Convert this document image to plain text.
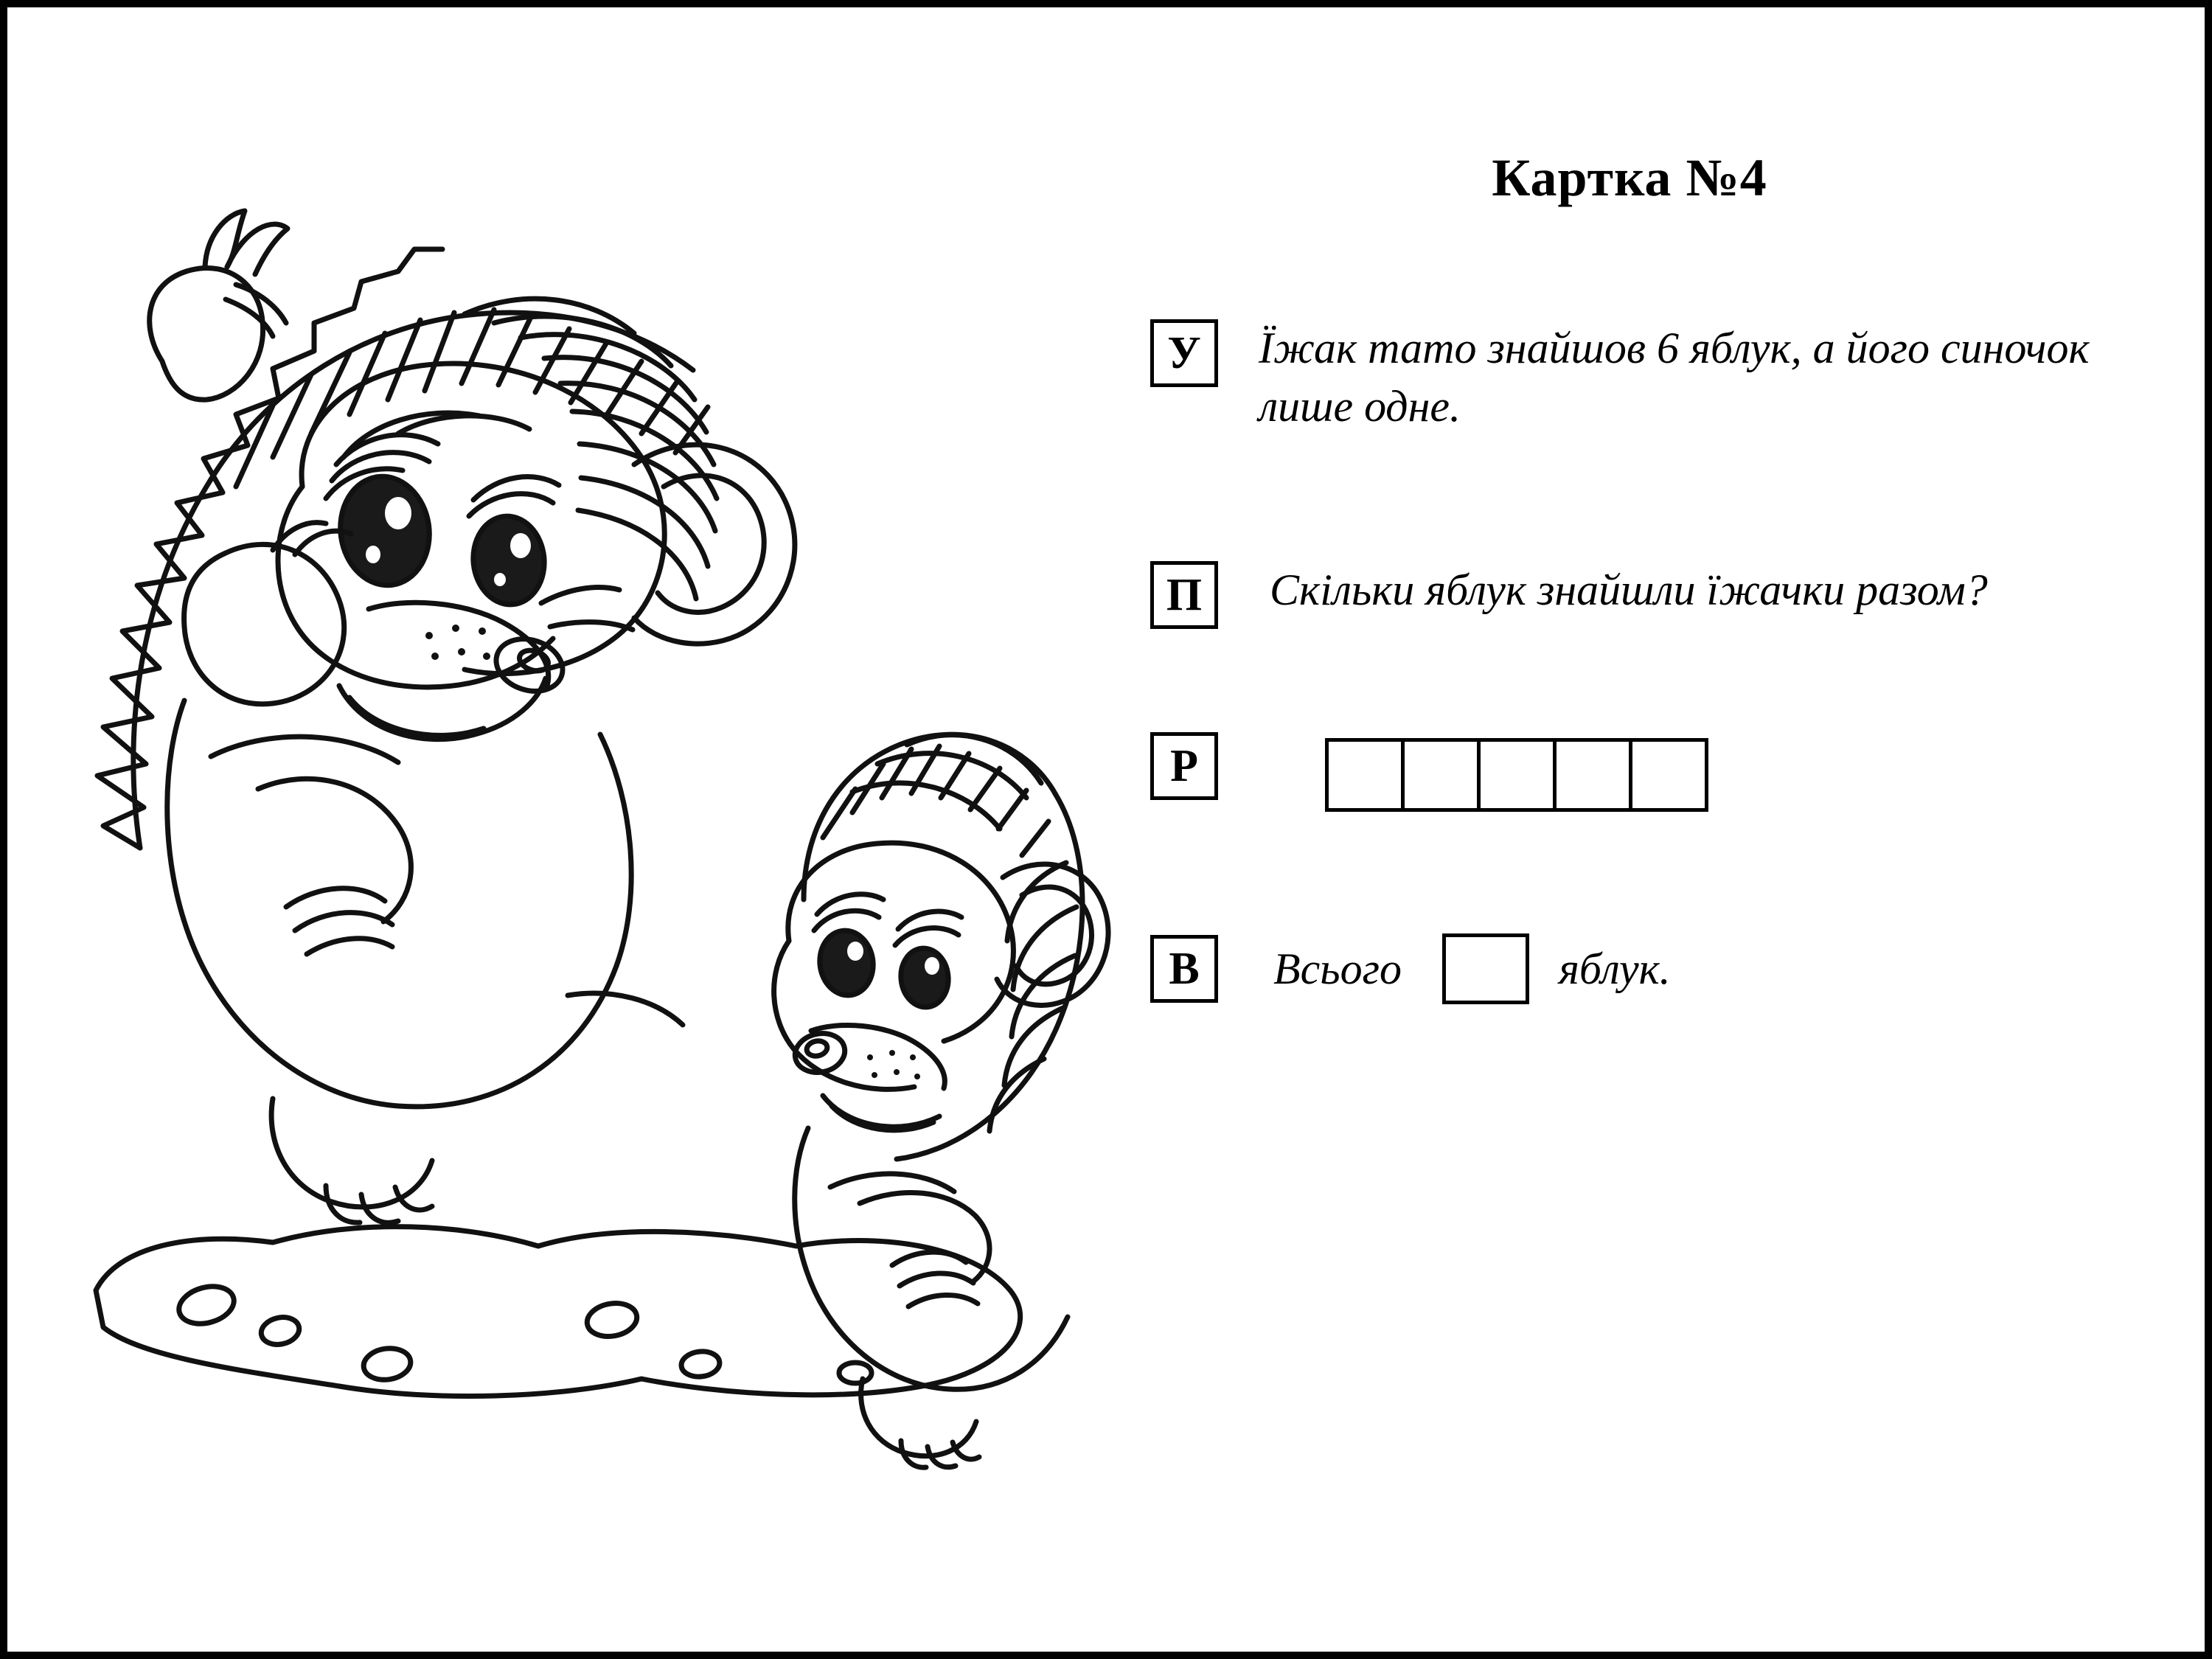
Картка №4
У	Їжак тато знайшов 6 яблук, а його синочок лише одне.
П	Скільки яблук знайшли їжачки разом?
Р
В	Всього	яблук.
